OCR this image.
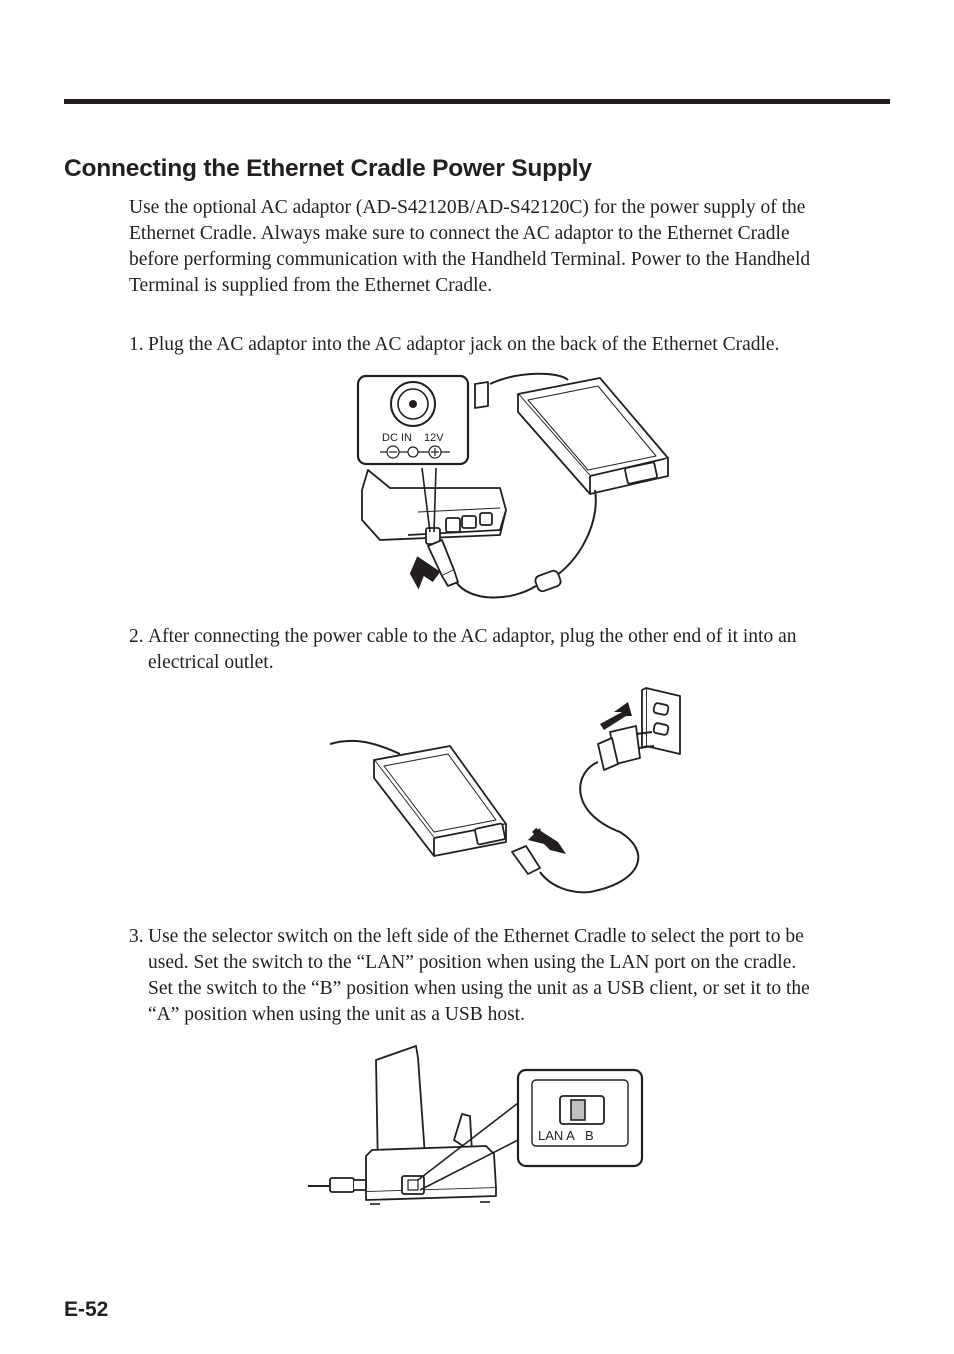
Connecting the Ethernet Cradle Power Supply
Use the optional AC adaptor (AD-S42120B/AD-S42120C) for the power supply of the
Ethernet Cradle. Always make sure to connect the AC adaptor to the Ethernet Cradle
before performing communication with the Handheld Terminal. Power to the Handheld
Terminal is supplied from the Ethernet Cradle.
1. Plug the AC adaptor into the AC adaptor jack on the back of the Ethernet Cradle.
DC IN 12V
2. After connecting the power cable to the AC adaptor, plug the other end of it into an
electrical outlet.
3. Use the selector switch on the left side of the Ethernet Cradle to select the port to be
used. Set the switch to the “LAN” position when using the LAN port on the cradle.
Set the switch to the “B” position when using the unit as a USB client, or set it to the
“A” position when using the unit as a USB host.
LAN A   B

E-52
